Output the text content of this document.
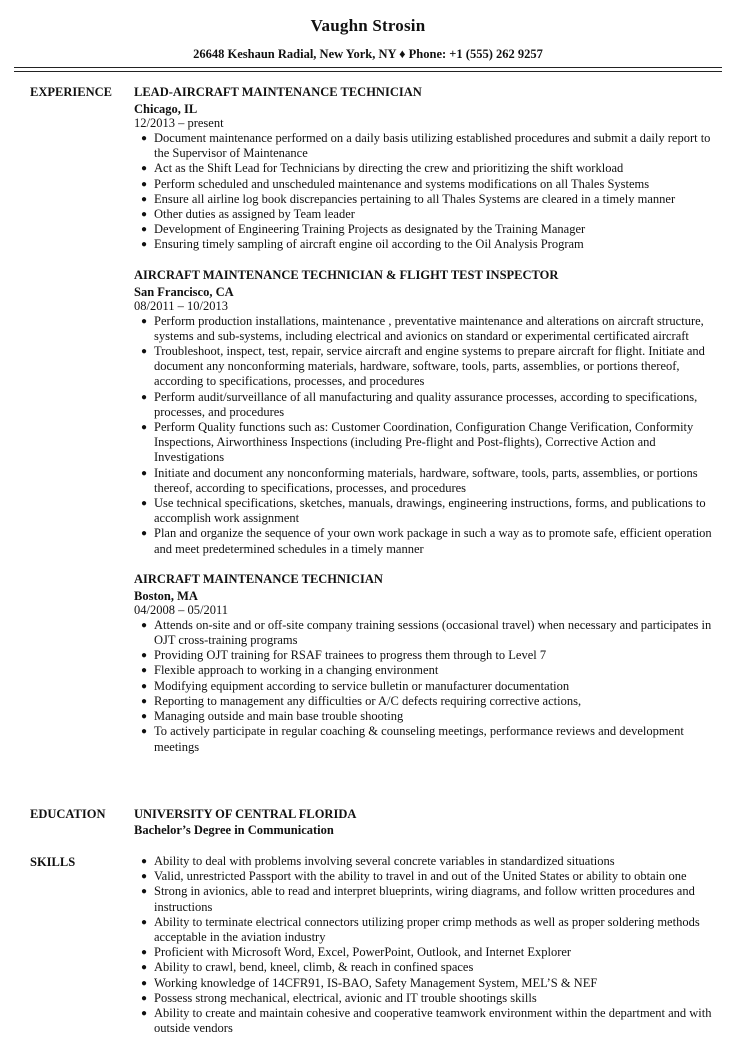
Vaughn Strosin
26648 Keshaun Radial, New York, NY ♦ Phone: +1 (555) 262 9257
EXPERIENCE LEAD-AIRCRAFT MAINTENANCE TECHNICIAN
Chicago, IL
12/2013 – present
● Document maintenance performed on a daily basis utilizing established procedures and submit a daily report to the Supervisor of Maintenance
● Act as the Shift Lead for Technicians by directing the crew and prioritizing the shift workload
● Perform scheduled and unscheduled maintenance and systems modifications on all Thales Systems
● Ensure all airline log book discrepancies pertaining to all Thales Systems are cleared in a timely manner
● Other duties as assigned by Team leader
● Development of Engineering Training Projects as designated by the Training Manager
● Ensuring timely sampling of aircraft engine oil according to the Oil Analysis Program
AIRCRAFT MAINTENANCE TECHNICIAN & FLIGHT TEST INSPECTOR
San Francisco, CA
08/2011 – 10/2013
● Perform production installations, maintenance , preventative maintenance and alterations on aircraft structure, systems and sub-systems, including electrical and avionics on standard or experimental certificated aircraft
● Troubleshoot, inspect, test, repair, service aircraft and engine systems to prepare aircraft for flight. Initiate and document any nonconforming materials, hardware, software, tools, parts, assemblies, or portions thereof, according to specifications, processes, and procedures
● Perform audit/surveillance of all manufacturing and quality assurance processes, according to specifications, processes, and procedures
● Perform Quality functions such as: Customer Coordination, Configuration Change Verification, Conformity Inspections, Airworthiness Inspections (including Pre-flight and Post-flights), Corrective Action and Investigations
● Initiate and document any nonconforming materials, hardware, software, tools, parts, assemblies, or portions thereof, according to specifications, processes, and procedures
● Use technical specifications, sketches, manuals, drawings, engineering instructions, forms, and publications to accomplish work assignment
● Plan and organize the sequence of your own work package in such a way as to promote safe, efficient operation and meet predetermined schedules in a timely manner
AIRCRAFT MAINTENANCE TECHNICIAN
Boston, MA
04/2008 – 05/2011
● Attends on-site and or off-site company training sessions (occasional travel) when necessary and participates in OJT cross-training programs
● Providing OJT training for RSAF trainees to progress them through to Level 7
● Flexible approach to working in a changing environment
● Modifying equipment according to service bulletin or manufacturer documentation
● Reporting to management any difficulties or A/C defects requiring corrective actions,
● Managing outside and main base trouble shooting
● To actively participate in regular coaching & counseling meetings, performance reviews and development meetings
EDUCATION UNIVERSITY OF CENTRAL FLORIDA
Bachelor’s Degree in Communication
SKILLS	● Ability to deal with problems involving several concrete variables in standardized situations
● Valid, unrestricted Passport with the ability to travel in and out of the United States or ability to obtain one
● Strong in avionics, able to read and interpret blueprints, wiring diagrams, and follow written procedures and instructions
● Ability to terminate electrical connectors utilizing proper crimp methods as well as proper soldering methods acceptable in the aviation industry
● Proficient with Microsoft Word, Excel, PowerPoint, Outlook, and Internet Explorer
● Ability to crawl, bend, kneel, climb, & reach in confined spaces
● Working knowledge of 14CFR91, IS-BAO, Safety Management System, MEL’S & NEF
● Possess strong mechanical, electrical, avionic and IT trouble shootings skills
● Ability to create and maintain cohesive and cooperative teamwork environment within the department and with outside vendors
